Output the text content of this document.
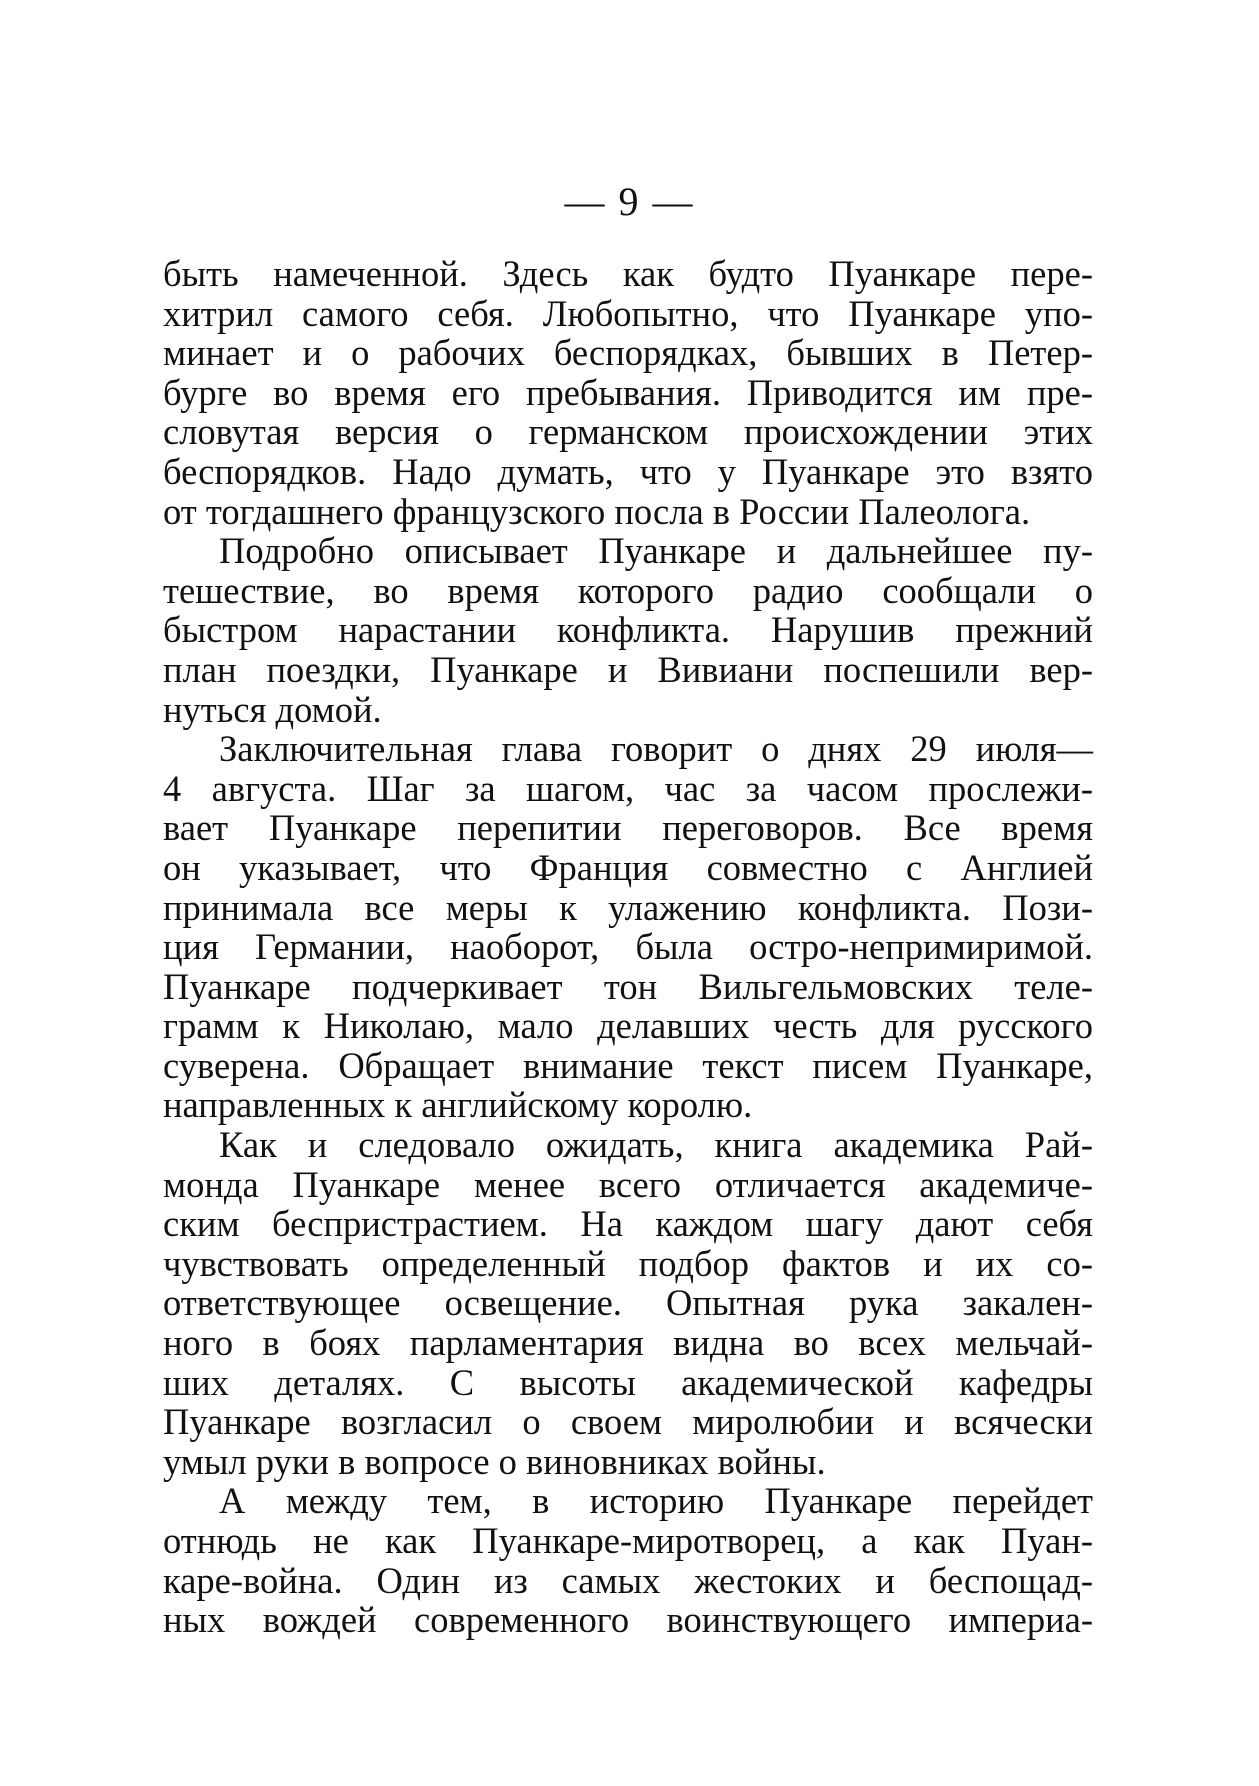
— 9 —
быть намеченной. Здесь как будто Пуанкаре пере-
хитрил самого себя. Любопытно, что Пуанкаре упо-
минает и о рабочих беспорядках, бывших в Петер-
бурге во время его пребывания. Приводится им пре-
словутая версия о германском происхождении этих
беспорядков. Надо думать, что у Пуанкаре это взято
от тогдашнего французского посла в России Палеолога.
Подробно описывает Пуанкаре и дальнейшее пу-
тешествие, во время которого радио сообщали о
быстром нарастании конфликта. Нарушив прежний
план поездки, Пуанкаре и Вивиани поспешили вер-
нуться домой.
Заключительная глава говорит о днях 29 июля—
4 августа. Шаг за шагом, час за часом прослежи-
вает Пуанкаре перепитии переговоров. Все время
он указывает, что Франция совместно с Англией
принимала все меры к улажению конфликта. Пози-
ция Германии, наоборот, была остро-непримиримой.
Пуанкаре подчеркивает тон Вильгельмовских теле-
грамм к Николаю, мало делавших честь для русского
суверена. Обращает внимание текст писем Пуанкаре,
направленных к английскому королю.
Как и следовало ожидать, книга академика Рай-
монда Пуанкаре менее всего отличается академиче-
ским беспристрастием. На каждом шагу дают себя
чувствовать определенный подбор фактов и их со-
ответствующее освещение. Опытная рука закален-
ного в боях парламентария видна во всех мельчай-
ших деталях. С высоты академической кафедры
Пуанкаре возгласил о своем миролюбии и всячески
умыл руки в вопросе о виновниках войны.
А между тем, в историю Пуанкаре перейдет
отнюдь не как Пуанкаре-миротворец, а как Пуан-
каре-война. Один из самых жестоких и беспощад-
ных вождей современного воинствующего империа-
